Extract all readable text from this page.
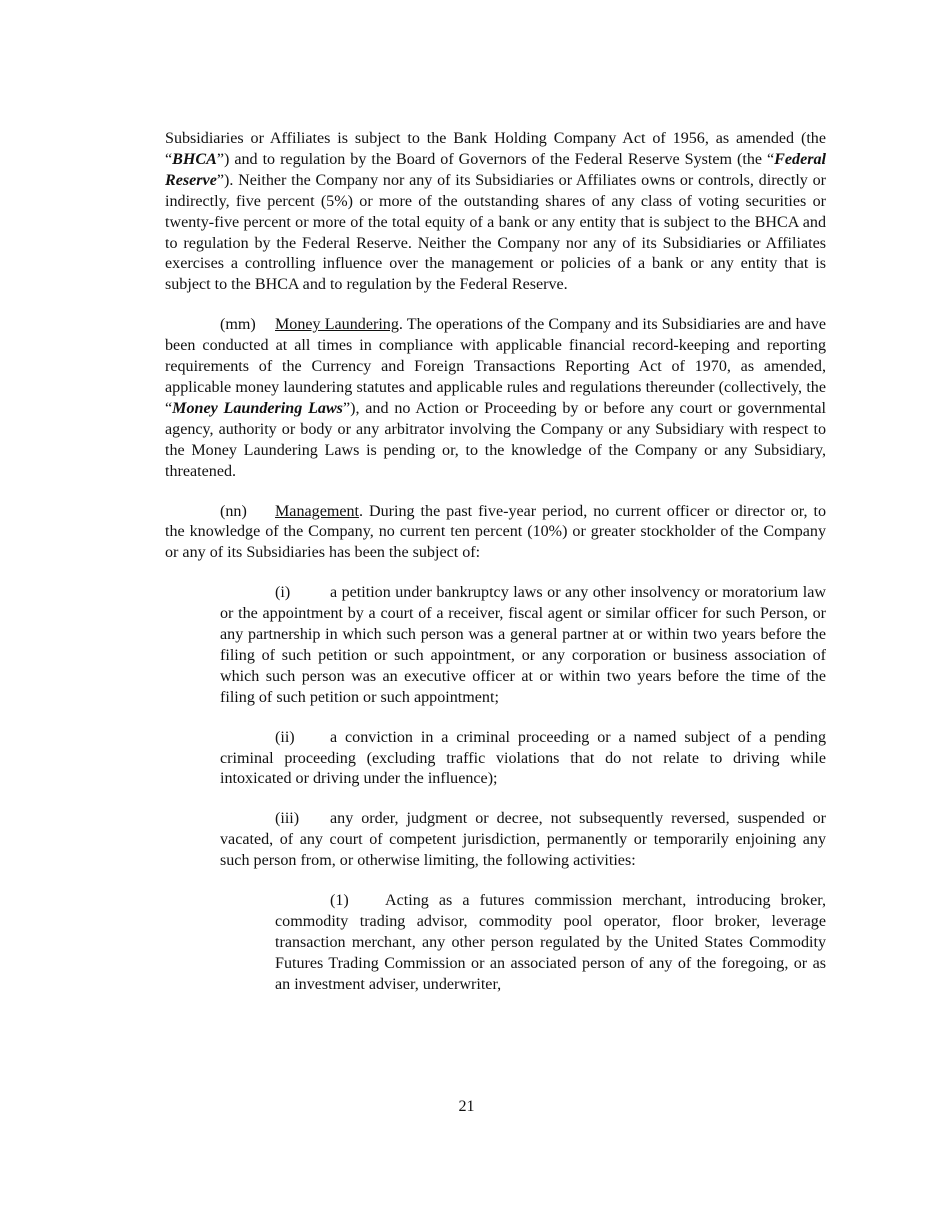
Subsidiaries or Affiliates is subject to the Bank Holding Company Act of 1956, as amended (the “BHCA”) and to regulation by the Board of Governors of the Federal Reserve System (the “Federal Reserve”). Neither the Company nor any of its Subsidiaries or Affiliates owns or controls, directly or indirectly, five percent (5%) or more of the outstanding shares of any class of voting securities or twenty-five percent or more of the total equity of a bank or any entity that is subject to the BHCA and to regulation by the Federal Reserve. Neither the Company nor any of its Subsidiaries or Affiliates exercises a controlling influence over the management or policies of a bank or any entity that is subject to the BHCA and to regulation by the Federal Reserve.

(mm) Money Laundering. The operations of the Company and its Subsidiaries are and have been conducted at all times in compliance with applicable financial record-keeping and reporting requirements of the Currency and Foreign Transactions Reporting Act of 1970, as amended, applicable money laundering statutes and applicable rules and regulations thereunder (collectively, the “Money Laundering Laws”), and no Action or Proceeding by or before any court or governmental agency, authority or body or any arbitrator involving the Company or any Subsidiary with respect to the Money Laundering Laws is pending or, to the knowledge of the Company or any Subsidiary, threatened.

(nn) Management. During the past five-year period, no current officer or director or, to the knowledge of the Company, no current ten percent (10%) or greater stockholder of the Company or any of its Subsidiaries has been the subject of:

(i) a petition under bankruptcy laws or any other insolvency or moratorium law or the appointment by a court of a receiver, fiscal agent or similar officer for such Person, or any partnership in which such person was a general partner at or within two years before the filing of such petition or such appointment, or any corporation or business association of which such person was an executive officer at or within two years before the time of the filing of such petition or such appointment;

(ii) a conviction in a criminal proceeding or a named subject of a pending criminal proceeding (excluding traffic violations that do not relate to driving while intoxicated or driving under the influence);

(iii) any order, judgment or decree, not subsequently reversed, suspended or vacated, of any court of competent jurisdiction, permanently or temporarily enjoining any such person from, or otherwise limiting, the following activities:

(1) Acting as a futures commission merchant, introducing broker, commodity trading advisor, commodity pool operator, floor broker, leverage transaction merchant, any other person regulated by the United States Commodity Futures Trading Commission or an associated person of any of the foregoing, or as an investment adviser, underwriter,

21
